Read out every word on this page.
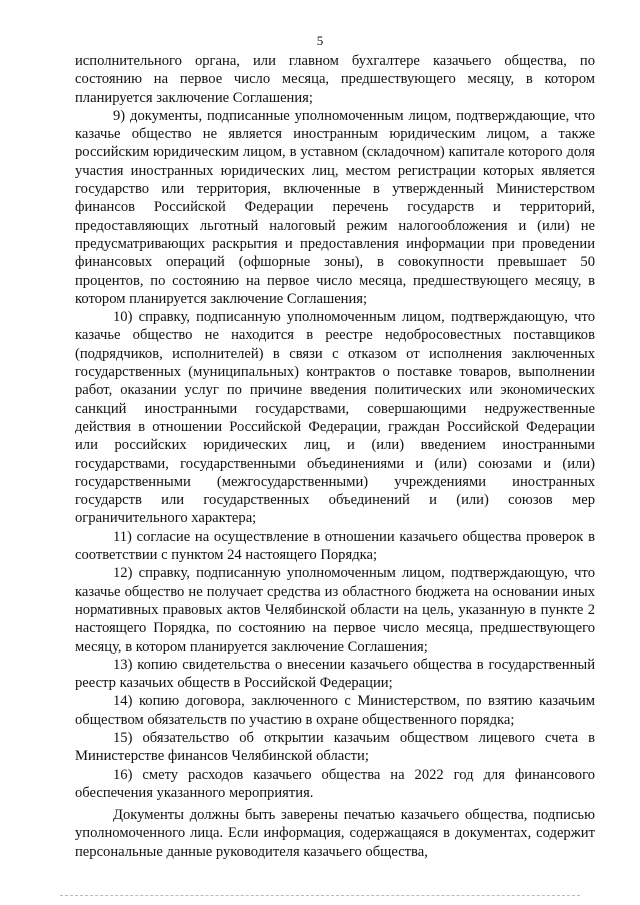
5

исполнительного органа, или главном бухгалтере казачьего общества, по состоянию на первое число месяца, предшествующего месяцу, в котором планируется заключение Соглашения;

9) документы, подписанные уполномоченным лицом, подтверждающие, что казачье общество не является иностранным юридическим лицом, а также российским юридическим лицом, в уставном (складочном) капитале которого доля участия иностранных юридических лиц, местом регистрации которых является государство или территория, включенные в утвержденный Министерством финансов Российской Федерации перечень государств и территорий, предоставляющих льготный налоговый режим налогообложения и (или) не предусматривающих раскрытия и предоставления информации при проведении финансовых операций (офшорные зоны), в совокупности превышает 50 процентов, по состоянию на первое число месяца, предшествующего месяцу, в котором планируется заключение Соглашения;

10) справку, подписанную уполномоченным лицом, подтверждающую, что казачье общество не находится в реестре недобросовестных поставщиков (подрядчиков, исполнителей) в связи с отказом от исполнения заключенных государственных (муниципальных) контрактов о поставке товаров, выполнении работ, оказании услуг по причине введения политических или экономических санкций иностранными государствами, совершающими недружественные действия в отношении Российской Федерации, граждан Российской Федерации или российских юридических лиц, и (или) введением иностранными государствами, государственными объединениями и (или) союзами и (или) государственными (межгосударственными) учреждениями иностранных государств или государственных объединений и (или) союзов мер ограничительного характера;

11) согласие на осуществление в отношении казачьего общества проверок в соответствии с пунктом 24 настоящего Порядка;

12) справку, подписанную уполномоченным лицом, подтверждающую, что казачье общество не получает средства из областного бюджета на основании иных нормативных правовых актов Челябинской области на цель, указанную в пункте 2 настоящего Порядка, по состоянию на первое число месяца, предшествующего месяцу, в котором планируется заключение Соглашения;

13) копию свидетельства о внесении казачьего общества в государственный реестр казачьих обществ в Российской Федерации;

14) копию договора, заключенного с Министерством, по взятию казачьим обществом обязательств по участию в охране общественного порядка;

15) обязательство об открытии казачьим обществом лицевого счета в Министерстве финансов Челябинской области;

16) смету расходов казачьего общества на 2022 год для финансового обеспечения указанного мероприятия.

Документы должны быть заверены печатью казачьего общества, подписью уполномоченного лица. Если информация, содержащаяся в документах, содержит персональные данные руководителя казачьего общества,
